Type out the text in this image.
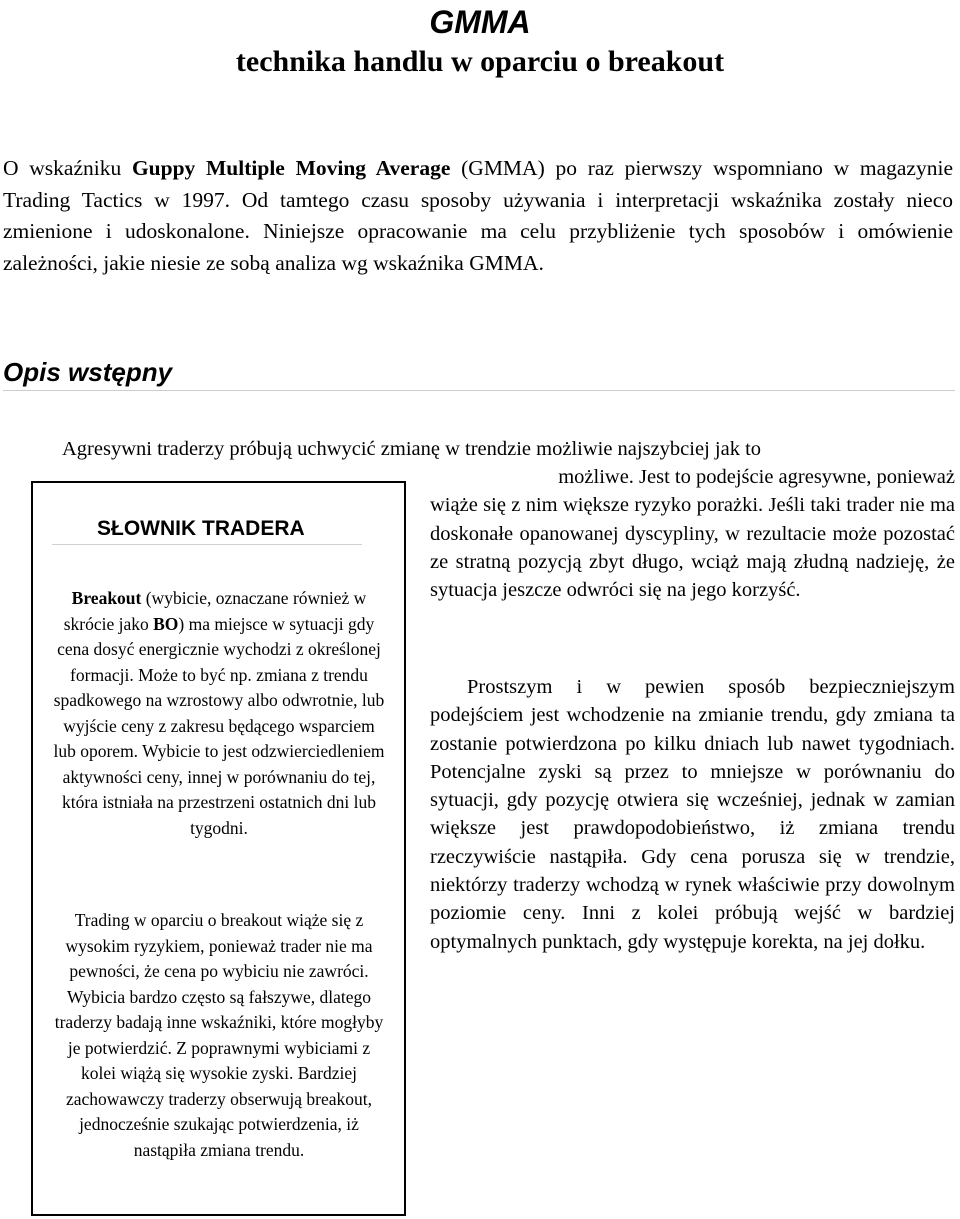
GMMA
technika handlu w oparciu o breakout

O wskaźniku Guppy Multiple Moving Average (GMMA) po raz pierwszy wspomniano w magazynie Trading Tactics w 1997. Od tamtego czasu sposoby używania i interpretacji wskaźnika zostały nieco zmienione i udoskonalone. Niniejsze opracowanie ma celu przybliżenie tych sposobów i omówienie zależności, jakie niesie ze sobą analiza wg wskaźnika GMMA.

Opis wstępny

Agresywni traderzy próbują uchwycić zmianę w trendzie możliwie najszybciej jak to

możliwe. Jest to podejście agresywne, ponieważ
wiąże się z nim większe ryzyko porażki. Jeśli taki trader nie ma doskonałe opanowanej dyscypliny, w rezultacie może pozostać ze stratną pozycją zbyt długo, wciąż mają złudną nadzieję, że sytuacja jeszcze odwróci się na jego korzyść.

Prostszym i w pewien sposób bezpieczniejszym podejściem jest wchodzenie na zmianie trendu, gdy zmiana ta zostanie potwierdzona po kilku dniach lub nawet tygodniach. Potencjalne zyski są przez to mniejsze w porównaniu do sytuacji, gdy pozycję otwiera się wcześniej, jednak w zamian większe jest prawdopodobieństwo, iż zmiana trendu rzeczywiście nastąpiła. Gdy cena porusza się w trendzie, niektórzy traderzy wchodzą w rynek właściwie przy dowolnym poziomie ceny. Inni z kolei próbują wejść w bardziej optymalnych punktach, gdy występuje korekta, na jej dołku.

SŁOWNIK TRADERA

Breakout (wybicie, oznaczane również w skrócie jako BO) ma miejsce w sytuacji gdy cena dosyć energicznie wychodzi z określonej formacji. Może to być np. zmiana z trendu spadkowego na wzrostowy albo odwrotnie, lub wyjście ceny z zakresu będącego wsparciem lub oporem. Wybicie to jest odzwierciedleniem aktywności ceny, innej w porównaniu do tej, która istniała na przestrzeni ostatnich dni lub tygodni.

Trading w oparciu o breakout wiąże się z wysokim ryzykiem, ponieważ trader nie ma pewności, że cena po wybiciu nie zawróci. Wybicia bardzo często są fałszywe, dlatego traderzy badają inne wskaźniki, które mogłyby je potwierdzić. Z poprawnymi wybiciami z kolei wiążą się wysokie zyski. Bardziej zachowawczy traderzy obserwują breakout, jednocześnie szukając potwierdzenia, iż nastąpiła zmiana trendu.
